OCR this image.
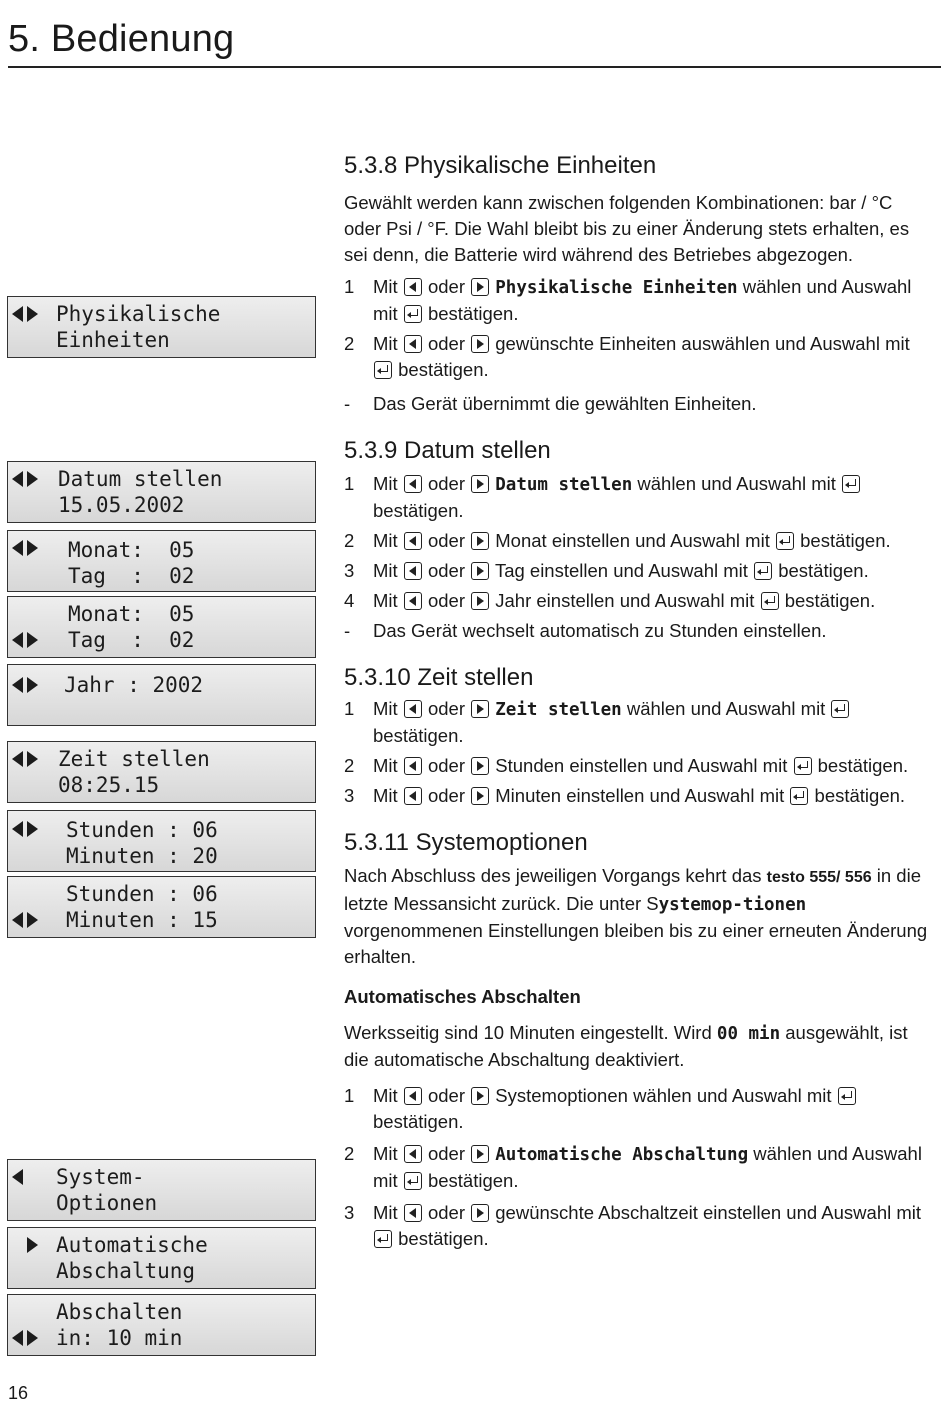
5. Bedienung
Physikalische
Einheiten
Datum stellen
15.05.2002
Monat:  05
Tag  :  02
Monat:  05
Tag  :  02
Jahr : 2002
Zeit stellen
08:25.15
Stunden : 06
Minuten : 20
Stunden : 06
Minuten : 15
System-
Optionen
Automatische
Abschaltung
Abschalten
in: 10 min
5.3.8 Physikalische Einheiten

Gewählt werden kann zwischen folgenden Kombinationen: bar / °C oder Psi / °F. Die Wahl bleibt bis zu einer Änderung stets erhalten, es sei denn, die Batterie wird während des Betriebes abgezogen.

1 Mit oder Physikalische Einheiten wählen und Auswahl mit bestätigen.
2 Mit oder gewünschte Einheiten auswählen und Auswahl mit  bestätigen.
- Das Gerät übernimmt die gewählten Einheiten.
5.3.9 Datum stellen
1 Mit oder Datum stellen wählen und Auswahl mit  bestätigen.
2 Mit oder Monat einstellen und Auswahl mit bestätigen.
3 Mit oder Tag einstellen und Auswahl mit bestätigen.
4 Mit oder Jahr einstellen und Auswahl mit bestätigen.
- Das Gerät wechselt automatisch zu Stunden einstellen.
5.3.10 Zeit stellen
1 Mit oder Zeit stellen wählen und Auswahl mit  bestätigen.
2 Mit oder Stunden einstellen und Auswahl mit bestätigen.
3 Mit oder Minuten einstellen und Auswahl mit bestätigen.
5.3.11 Systemoptionen

Nach Abschluss des jeweiligen Vorgangs kehrt das testo 555/ 556 in die letzte Messansicht zurück. Die unter Systemop-tionen vorgenommenen Einstellungen bleiben bis zu einer erneuten Änderung erhalten.

Automatisches Abschalten

Werksseitig sind 10 Minuten eingestellt. Wird 00 min ausgewählt, ist die automatische Abschaltung deaktiviert.

1 Mit oder Systemoptionen wählen und Auswahl mit  bestätigen.
2 Mit oder Automatische Abschaltung wählen und Auswahl mit bestätigen.
3 Mit oder gewünschte Abschaltzeit einstellen und Auswahl mit  bestätigen.
16
